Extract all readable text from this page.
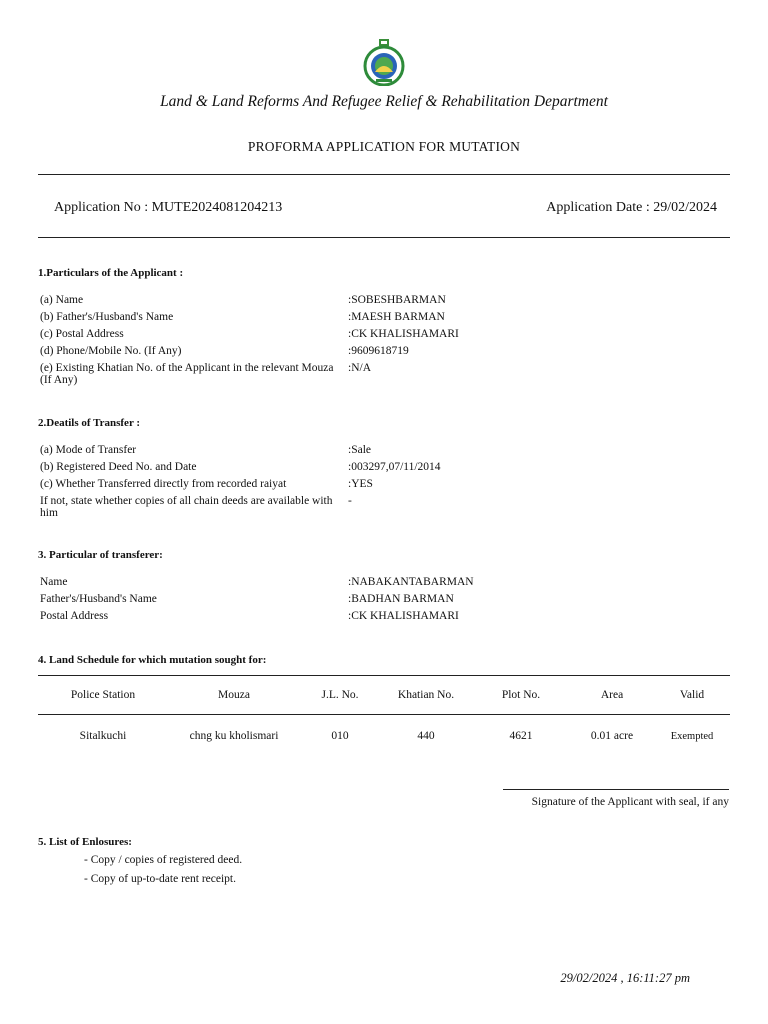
Land & Land Reforms And Refugee Relief & Rehabilitation Department
PROFORMA APPLICATION FOR MUTATION
Application No : MUTE2024081204213	Application Date : 29/02/2024
1.Particulars of the Applicant :
(a) Name	:SOBESHBARMAN
(b) Father's/Husband's Name	:MAESH BARMAN
(c) Postal Address	:CK KHALISHAMARI
(d) Phone/Mobile No. (If Any)	:9609618719
(e) Existing Khatian No. of the Applicant in the relevant Mouza (If Any)
:N/A
2.Deatils of Transfer :
(a) Mode of Transfer	:Sale
(b) Registered Deed No. and Date	:003297,07/11/2014
(c) Whether Transferred directly from recorded raiyat	:YES
If not, state whether copies of all chain deeds are available with him
-
3. Particular of transferer:
Name	:NABAKANTABARMAN
Father's/Husband's Name	:BADHAN BARMAN
Postal Address	:CK KHALISHAMARI
4. Land Schedule for which mutation sought for:
Police Station	Mouza	J.L. No.	Khatian No.	Plot No.	Area	Valid
Sitalkuchi	chng ku kholismari	010	440	4621	0.01 acre	Exempted
Signature of the Applicant with seal, if any
5. List of Enlosures:
- Copy / copies of registered deed.
- Copy of up-to-date rent receipt.
29/02/2024 , 16:11:27 pm
